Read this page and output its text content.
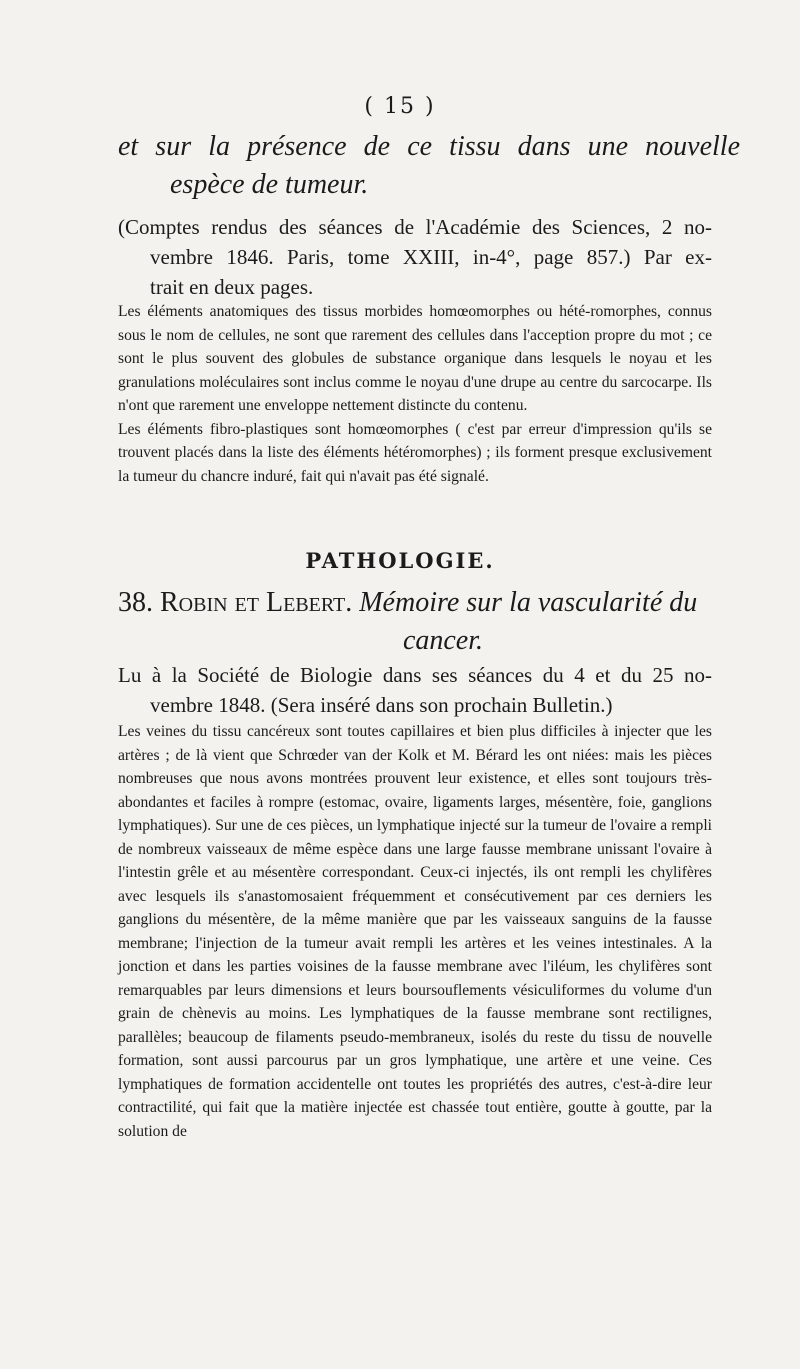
( 15 )
et sur la présence de ce tissu dans une nouvelle
espèce de tumeur.
(Comptes rendus des séances de l'Académie des Sciences, 2 no-
vembre 1846. Paris, tome XXIII, in-4°, page 857.) Par ex-
trait en deux pages.

Les éléments anatomiques des tissus morbides homœomorphes ou hété-romorphes, connus sous le nom de cellules, ne sont que rarement des cellules dans l'acception propre du mot ; ce sont le plus souvent des globules de substance organique dans lesquels le noyau et les granulations moléculaires sont inclus comme le noyau d'une drupe au centre du sarcocarpe. Ils n'ont que rarement une enveloppe nettement distincte du contenu.

Les éléments fibro-plastiques sont homœomorphes ( c'est par erreur d'impression qu'ils se trouvent placés dans la liste des éléments hétéromorphes) ; ils forment presque exclusivement la tumeur du chancre induré, fait qui n'avait pas été signalé.

PATHOLOGIE.
38. Robin et Lebert. Mémoire sur la vascularité du
cancer.
Lu à la Société de Biologie dans ses séances du 4 et du 25 no-
vembre 1848. (Sera inséré dans son prochain Bulletin.)

Les veines du tissu cancéreux sont toutes capillaires et bien plus difficiles à injecter que les artères ; de là vient que Schrœder van der Kolk et M. Bérard les ont niées: mais les pièces nombreuses que nous avons montrées prouvent leur existence, et elles sont toujours très-abondantes et faciles à rompre (estomac, ovaire, ligaments larges, mésentère, foie, ganglions lymphatiques). Sur une de ces pièces, un lymphatique injecté sur la tumeur de l'ovaire a rempli de nombreux vaisseaux de même espèce dans une large fausse membrane unissant l'ovaire à l'intestin grêle et au mésentère correspondant. Ceux-ci injectés, ils ont rempli les chylifères avec lesquels ils s'anastomosaient fréquemment et consécutivement par ces derniers les ganglions du mésentère, de la même manière que par les vaisseaux sanguins de la fausse membrane; l'injection de la tumeur avait rempli les artères et les veines intestinales. A la jonction et dans les parties voisines de la fausse membrane avec l'iléum, les chylifères sont remarquables par leurs dimensions et leurs boursouflements vésiculiformes du volume d'un grain de chènevis au moins. Les lymphatiques de la fausse membrane sont rectilignes, parallèles; beaucoup de filaments pseudo-membraneux, isolés du reste du tissu de nouvelle formation, sont aussi parcourus par un gros lymphatique, une artère et une veine. Ces lymphatiques de formation accidentelle ont toutes les propriétés des autres, c'est-à-dire leur contractilité, qui fait que la matière injectée est chassée tout entière, goutte à goutte, par la solution de
